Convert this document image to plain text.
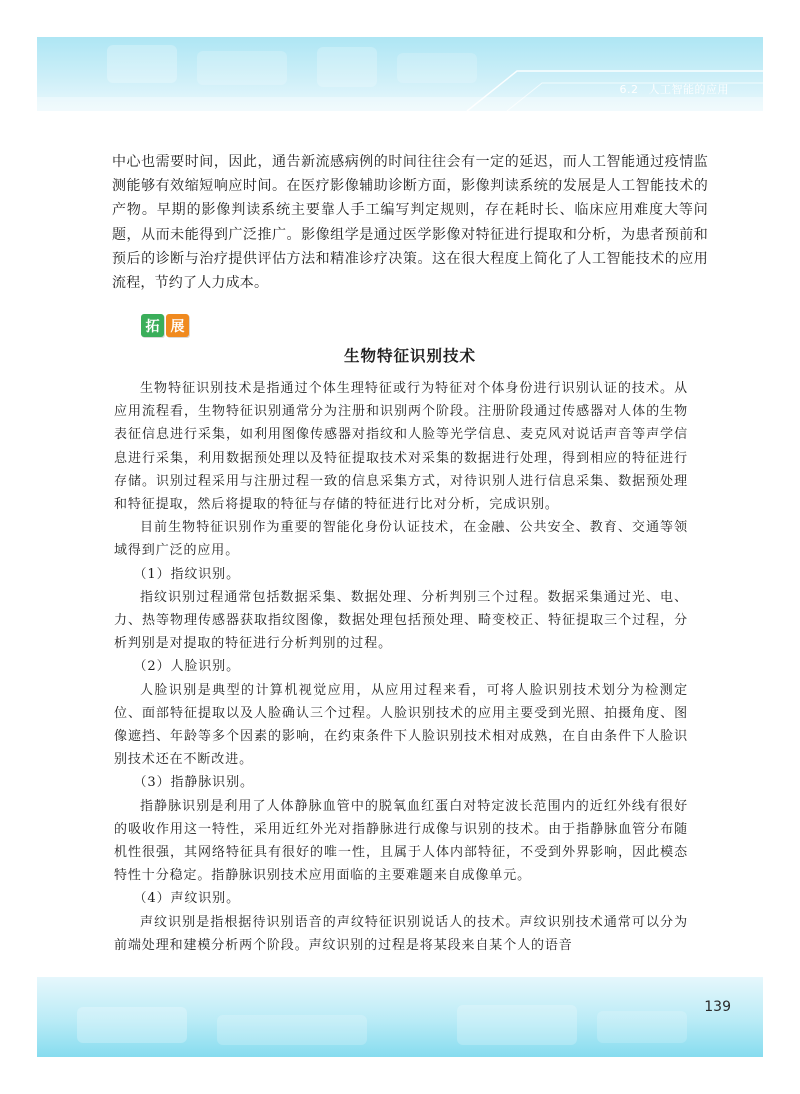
6.2 人工智能的应用
139

中心也需要时间，因此，通告新流感病例的时间往往会有一定的延迟，而人工智能通过疫情监测能够有效缩短响应时间。在医疗影像辅助诊断方面，影像判读系统的发展是人工智能技术的产物。早期的影像判读系统主要靠人手工编写判定规则，存在耗时长、临床应用难度大等问题，从而未能得到广泛推广。影像组学是通过医学影像对特征进行提取和分析，为患者预前和预后的诊断与治疗提供评估方法和精准诊疗决策。这在很大程度上简化了人工智能技术的应用流程，节约了人力成本。

拓 展
生物特征识别技术

生物特征识别技术是指通过个体生理特征或行为特征对个体身份进行识别认证的技术。从应用流程看，生物特征识别通常分为注册和识别两个阶段。注册阶段通过传感器对人体的生物表征信息进行采集，如利用图像传感器对指纹和人脸等光学信息、麦克风对说话声音等声学信息进行采集，利用数据预处理以及特征提取技术对采集的数据进行处理，得到相应的特征进行存储。识别过程采用与注册过程一致的信息采集方式，对待识别人进行信息采集、数据预处理和特征提取，然后将提取的特征与存储的特征进行比对分析，完成识别。

目前生物特征识别作为重要的智能化身份认证技术，在金融、公共安全、教育、交通等领域得到广泛的应用。

（1）指纹识别。

指纹识别过程通常包括数据采集、数据处理、分析判别三个过程。数据采集通过光、电、力、热等物理传感器获取指纹图像，数据处理包括预处理、畸变校正、特征提取三个过程，分析判别是对提取的特征进行分析判别的过程。

（2）人脸识别。

人脸识别是典型的计算机视觉应用，从应用过程来看，可将人脸识别技术划分为检测定位、面部特征提取以及人脸确认三个过程。人脸识别技术的应用主要受到光照、拍摄角度、图像遮挡、年龄等多个因素的影响，在约束条件下人脸识别技术相对成熟，在自由条件下人脸识别技术还在不断改进。

（3）指静脉识别。

指静脉识别是利用了人体静脉血管中的脱氧血红蛋白对特定波长范围内的近红外线有很好的吸收作用这一特性，采用近红外光对指静脉进行成像与识别的技术。由于指静脉血管分布随机性很强，其网络特征具有很好的唯一性，且属于人体内部特征，不受到外界影响，因此模态特性十分稳定。指静脉识别技术应用面临的主要难题来自成像单元。

（4）声纹识别。

声纹识别是指根据待识别语音的声纹特征识别说话人的技术。声纹识别技术通常可以分为前端处理和建模分析两个阶段。声纹识别的过程是将某段来自某个人的语音
